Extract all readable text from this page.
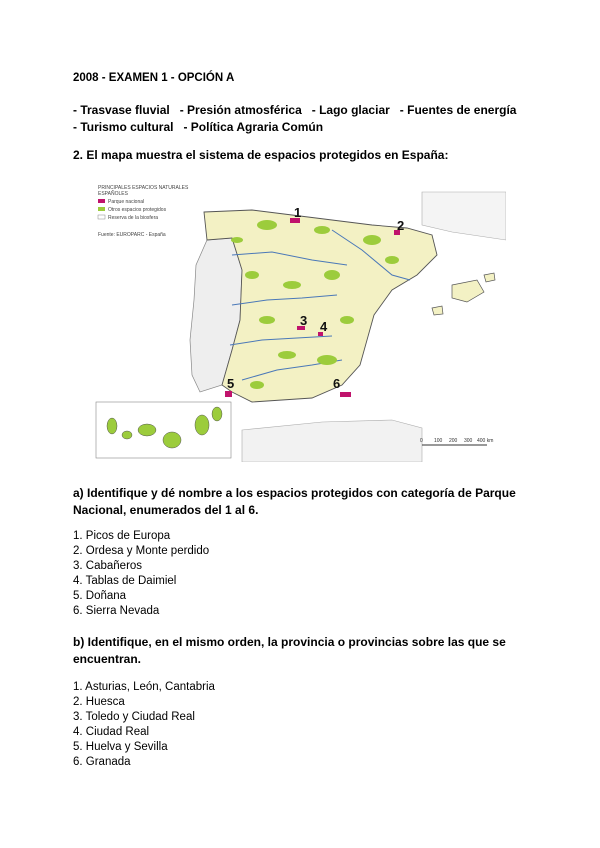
2008 - EXAMEN 1 - OPCIÓN A
- Trasvase fluvial   - Presión atmosférica   - Lago glaciar   - Fuentes de energía
- Turismo cultural   - Política Agraria Común
2. El mapa muestra el sistema de espacios protegidos en España:
1
2
3 4
5	6
PRINCIPALES ESPACIOS NATURALES
ESPAÑOLES
Parque nacional
Otros espacios protegidos
Reserva de la biosfera
Fuente: EUROPARC - España
0 100 200 300 400 km
a) Identifique y dé nombre a los espacios protegidos con categoría de Parque Nacional, enumerados del 1 al 6.
1. Picos de Europa
2. Ordesa y Monte perdido
3. Cabañeros
4. Tablas de Daimiel
5. Doñana
6. Sierra Nevada
b) Identifique, en el mismo orden, la provincia o provincias sobre las que se encuentran.
1. Asturias, León, Cantabria
2. Huesca
3. Toledo y Ciudad Real
4. Ciudad Real
5. Huelva y Sevilla
6. Granada
